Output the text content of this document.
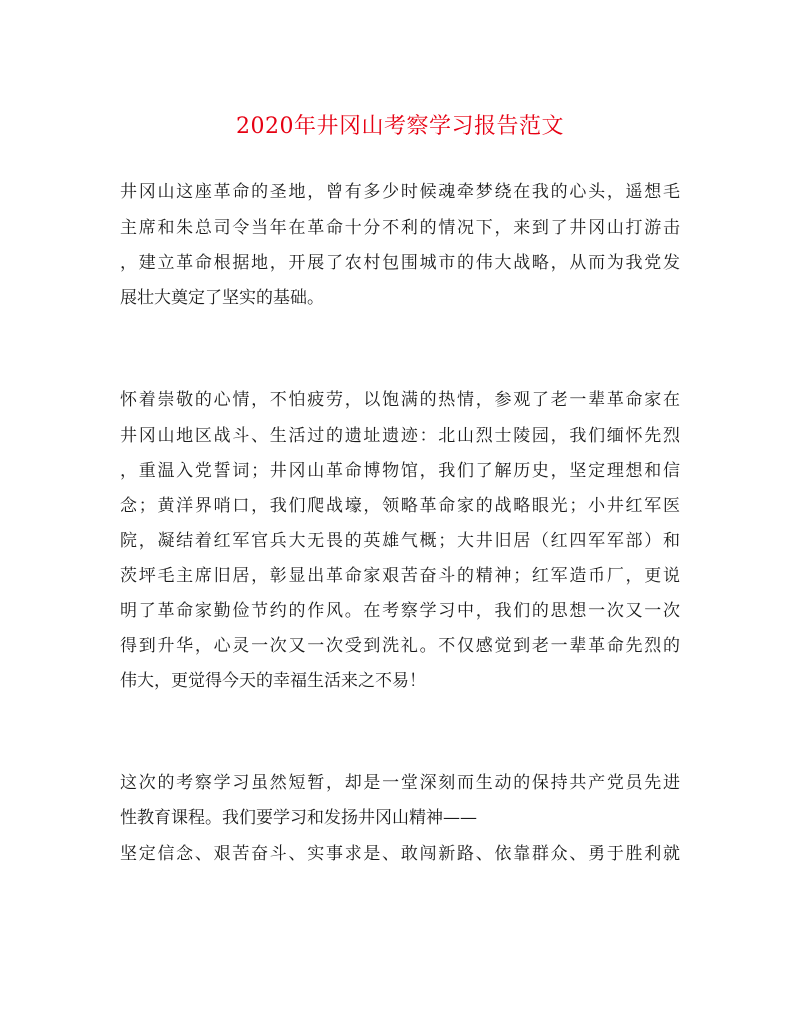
2020年井冈山考察学习报告范文
井冈山这座革命的圣地，曾有多少时候魂牵梦绕在我的心头，遥想毛
主席和朱总司令当年在革命十分不利的情况下，来到了井冈山打游击
，建立革命根据地，开展了农村包围城市的伟大战略，从而为我党发
展壮大奠定了坚实的基础。
怀着崇敬的心情，不怕疲劳，以饱满的热情，参观了老一辈革命家在
井冈山地区战斗、生活过的遗址遗迹：北山烈士陵园，我们缅怀先烈
，重温入党誓词；井冈山革命博物馆，我们了解历史，坚定理想和信
念；黄洋界哨口，我们爬战壕，领略革命家的战略眼光；小井红军医
院，凝结着红军官兵大无畏的英雄气概；大井旧居（红四军军部）和
茨坪毛主席旧居，彰显出革命家艰苦奋斗的精神；红军造币厂，更说
明了革命家勤俭节约的作风。在考察学习中，我们的思想一次又一次
得到升华，心灵一次又一次受到洗礼。不仅感觉到老一辈革命先烈的
伟大，更觉得今天的幸福生活来之不易！
这次的考察学习虽然短暂，却是一堂深刻而生动的保持共产党员先进
性教育课程。我们要学习和发扬井冈山精神——
坚定信念、艰苦奋斗、实事求是、敢闯新路、依靠群众、勇于胜利就
